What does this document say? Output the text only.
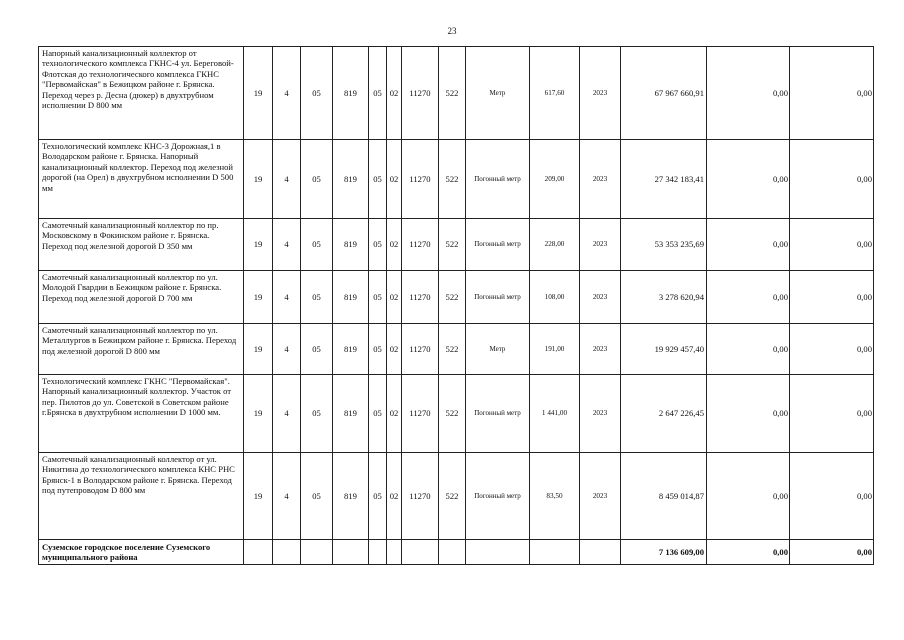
23
Напорный канализационный коллектор от технологического комплекса ГКНС-4 ул. Береговой-Флотская до технологического комплекса ГКНС "Первомайская" в Бежицком районе г. Брянска. Переход через р. Десна (дюкер) в двухтрубном исполнении D 800 мм	19	4	05	819	05	02	11270	522	Метр	617,60	2023	67 967 660,91	0,00	0,00
Технологический комплекс КНС-3 Дорожная,1 в Володарском районе г. Брянска. Напорный канализационный коллектор. Переход под железной дорогой (на Орел) в двухтрубном исполнении D 500 мм	19	4	05	819	05	02	11270	522	Погонный метр	209,00	2023	27 342 183,41	0,00	0,00
Самотечный канализационный коллектор по пр. Московскому в Фокинском районе г. Брянска. Переход под железной дорогой D 350 мм	19	4	05	819	05	02	11270	522	Погонный метр	228,00	2023	53 353 235,69	0,00	0,00
Самотечный канализационный коллектор по ул. Молодой Гвардии в Бежицком районе г. Брянска. Переход под железной дорогой D 700 мм	19	4	05	819	05	02	11270	522	Погонный метр	108,00	2023	3 278 620,94	0,00	0,00
Самотечный канализационный коллектор по ул. Металлургов в Бежицком районе г. Брянска. Переход под железной дорогой D 800 мм	19	4	05	819	05	02	11270	522	Метр	191,00	2023	19 929 457,40	0,00	0,00
Технологический комплекс ГКНС "Первомайская". Напорный канализационный коллектор. Участок от пер. Пилотов до ул. Советской в Советском районе г.Брянска в двухтрубном исполнении D 1000 мм.	19	4	05	819	05	02	11270	522	Погонный метр	1 441,00	2023	2 647 226,45	0,00	0,00
Самотечный канализационный коллектор от ул. Никитина до технологического комплекса КНС РНС Брянск-1 в Володарском районе г. Брянска. Переход под путепроводом D 800 мм	19	4	05	819	05	02	11270	522	Погонный метр	83,50	2023	8 459 014,87	0,00	0,00
Суземское городское поселение Суземского муниципального района												7 136 609,00	0,00	0,00
